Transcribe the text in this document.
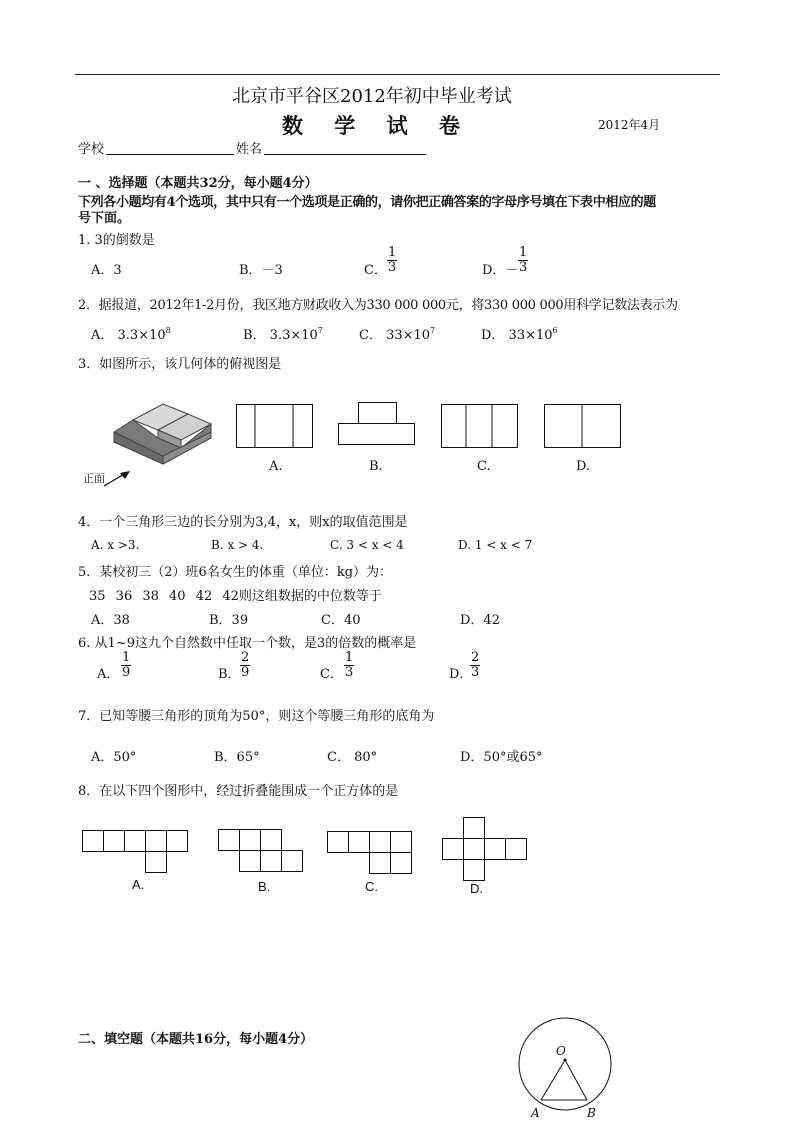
北京市平谷区2012年初中毕业考试
数 学 试 卷	2012年4月
学校	姓名
一 、选择题（本题共32分，每小题4分）
下列各小题均有4个选项，其中只有一个选项是正确的，请你把正确答案的字母序号填在下表中相应的题
号下面。
1. 3的倒数是
A．3	B．－3	C． $\frac{1}{3}$	D．－ $\frac{1}{3}$
2．据报道，2012年1-2月份，我区地方财政收入为330 000 000元，将330 000 000用科学记数法表示为
A． $3.3\times 10^8$	B． $3.3\times 10^7$	C． $33\times 10^7$	D． $33\times 10^6$
3．如图所示，该几何体的俯视图是
正面
A.	B.	C.	D.
4．一个三角形三边的长分别为3,4，x，则x的取值范围是
A. x >3.	B. x > 4.	C. 3 < x < 4	D. 1 < x < 7
5．某校初三（2）班6名女生的体重（单位：kg）为：
35 36 38 40 42 42则这组数据的中位数等于
A．38	B．39	C．40	D．42
6. 从1~9这九个自然数中任取一个数，是3的倍数的概率是
A． $\frac{1}{9}$	B． $\frac{2}{9}$	C． $\frac{1}{3}$	D．
$\frac{2}{3}$
7．已知等腰三角形的顶角为50°，则这个等腰三角形的底角为
A．50°	B．65°	C． 80°	D．50°或65°
8．在以下四个图形中，经过折叠能围成一个正方体的是
A.	B.	C.	D.
二、填空题（本题共16分，每小题4分）
O
A	B
